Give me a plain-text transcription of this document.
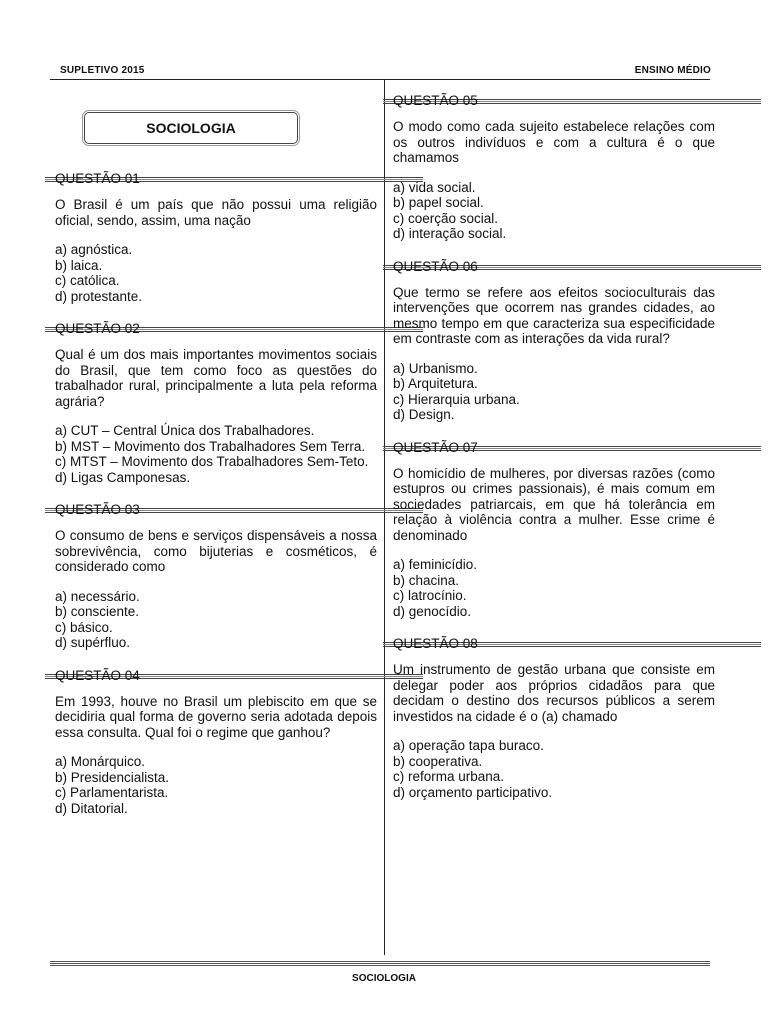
SUPLETIVO 2015	ENSINO MÉDIO
SOCIOLOGIA
QUESTÃO 01

O Brasil é um país que não possui uma religião oficial, sendo, assim, uma nação

a) agnóstica.
b) laica.
c) católica.
d) protestante.
QUESTÃO 02

Qual é um dos mais importantes movimentos sociais do Brasil, que tem como foco as questões do trabalhador rural, principalmente a luta pela reforma agrária?

a) CUT – Central Única dos Trabalhadores.
b) MST – Movimento dos Trabalhadores Sem Terra.
c) MTST – Movimento dos Trabalhadores Sem-Teto.
d) Ligas Camponesas.
QUESTÃO 03

O consumo de bens e serviços dispensáveis a nossa sobrevivência, como bijuterias e cosméticos, é considerado como

a) necessário.
b) consciente.
c) básico.
d) supérfluo.
QUESTÃO 04

Em 1993, houve no Brasil um plebiscito em que se decidiria qual forma de governo seria adotada depois essa consulta. Qual foi o regime que ganhou?

a) Monárquico.
b) Presidencialista.
c) Parlamentarista.
d) Ditatorial.
QUESTÃO 05

O modo como cada sujeito estabelece relações com os outros indivíduos e com a cultura é o que chamamos

a) vida social.
b) papel social.
c) coerção social.
d) interação social.
QUESTÃO 06

Que termo se refere aos efeitos socioculturais das intervenções que ocorrem nas grandes cidades, ao mesmo tempo em que caracteriza sua especificidade em contraste com as interações da vida rural?

a) Urbanismo.
b) Arquitetura.
c) Hierarquia urbana.
d) Design.
QUESTÃO 07

O homicídio de mulheres, por diversas razões (como estupros ou crimes passionais), é mais comum em sociedades patriarcais, em que há tolerância em relação à violência contra a mulher. Esse crime é denominado

a) feminicídio.
b) chacina.
c) latrocínio.
d) genocídio.
QUESTÃO 08

Um instrumento de gestão urbana que consiste em delegar poder aos próprios cidadãos para que decidam o destino dos recursos públicos a serem investidos na cidade é o (a) chamado

a) operação tapa buraco.
b) cooperativa.
c) reforma urbana.
d) orçamento participativo.
SOCIOLOGIA
